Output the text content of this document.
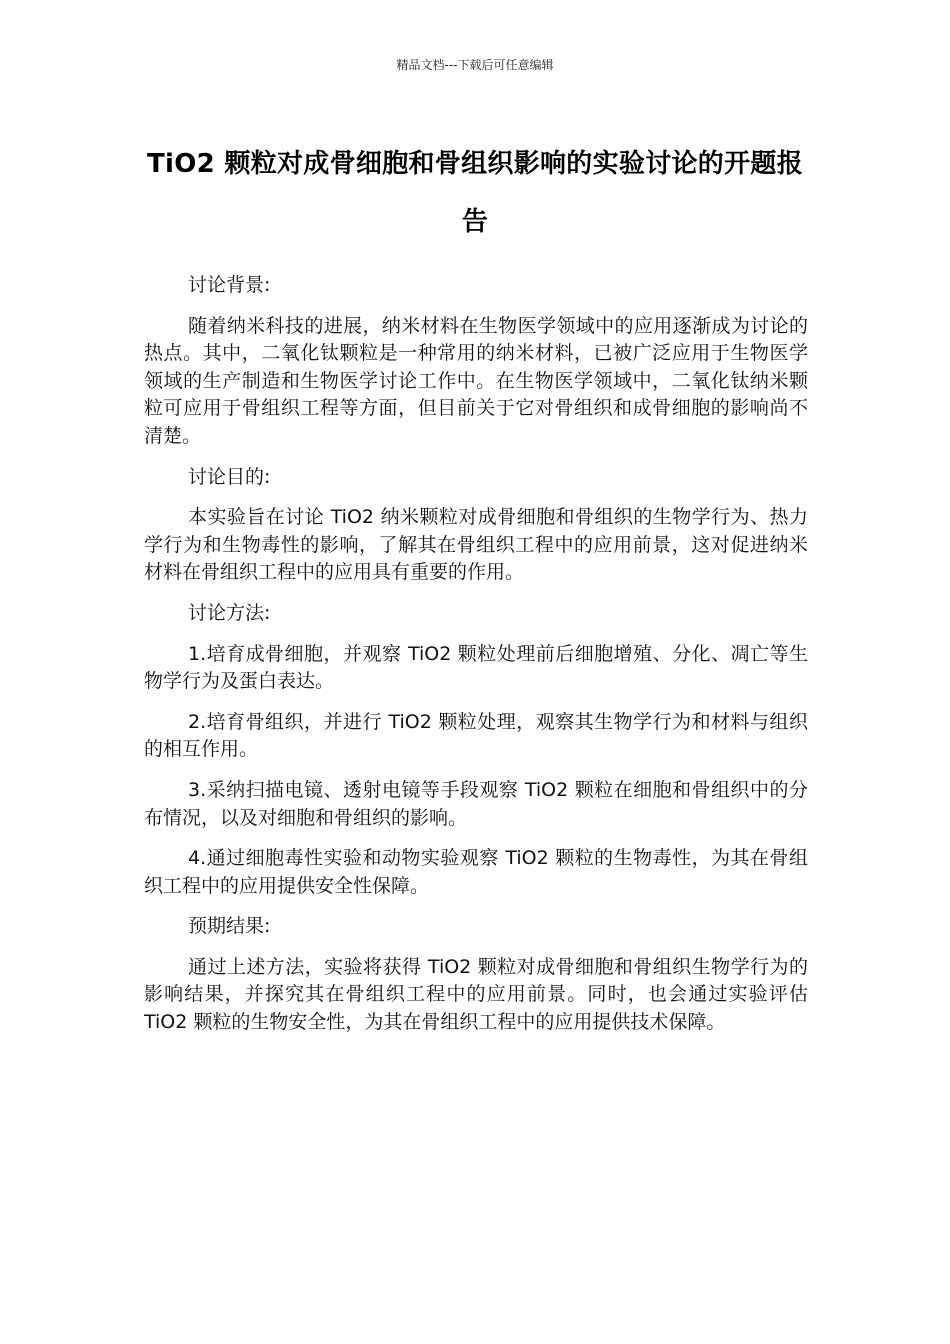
精品文档---下载后可任意编辑
TiO2 颗粒对成骨细胞和骨组织影响的实验讨论的开题报告

讨论背景:

随着纳米科技的进展，纳米材料在生物医学领域中的应用逐渐成为讨论的热点。其中，二氧化钛颗粒是一种常用的纳米材料，已被广泛应用于生物医学领域的生产制造和生物医学讨论工作中。在生物医学领域中，二氧化钛纳米颗粒可应用于骨组织工程等方面，但目前关于它对骨组织和成骨细胞的影响尚不清楚。

讨论目的:

本实验旨在讨论 TiO2 纳米颗粒对成骨细胞和骨组织的生物学行为、热力学行为和生物毒性的影响，了解其在骨组织工程中的应用前景，这对促进纳米材料在骨组织工程中的应用具有重要的作用。

讨论方法:

1.培育成骨细胞，并观察 TiO2 颗粒处理前后细胞增殖、分化、凋亡等生物学行为及蛋白表达。

2.培育骨组织，并进行 TiO2 颗粒处理，观察其生物学行为和材料与组织的相互作用。

3.采纳扫描电镜、透射电镜等手段观察 TiO2 颗粒在细胞和骨组织中的分布情况，以及对细胞和骨组织的影响。

4.通过细胞毒性实验和动物实验观察 TiO2 颗粒的生物毒性，为其在骨组织工程中的应用提供安全性保障。

预期结果:

通过上述方法，实验将获得 TiO2 颗粒对成骨细胞和骨组织生物学行为的影响结果，并探究其在骨组织工程中的应用前景。同时，也会通过实验评估 TiO2 颗粒的生物安全性，为其在骨组织工程中的应用提供技术保障。
